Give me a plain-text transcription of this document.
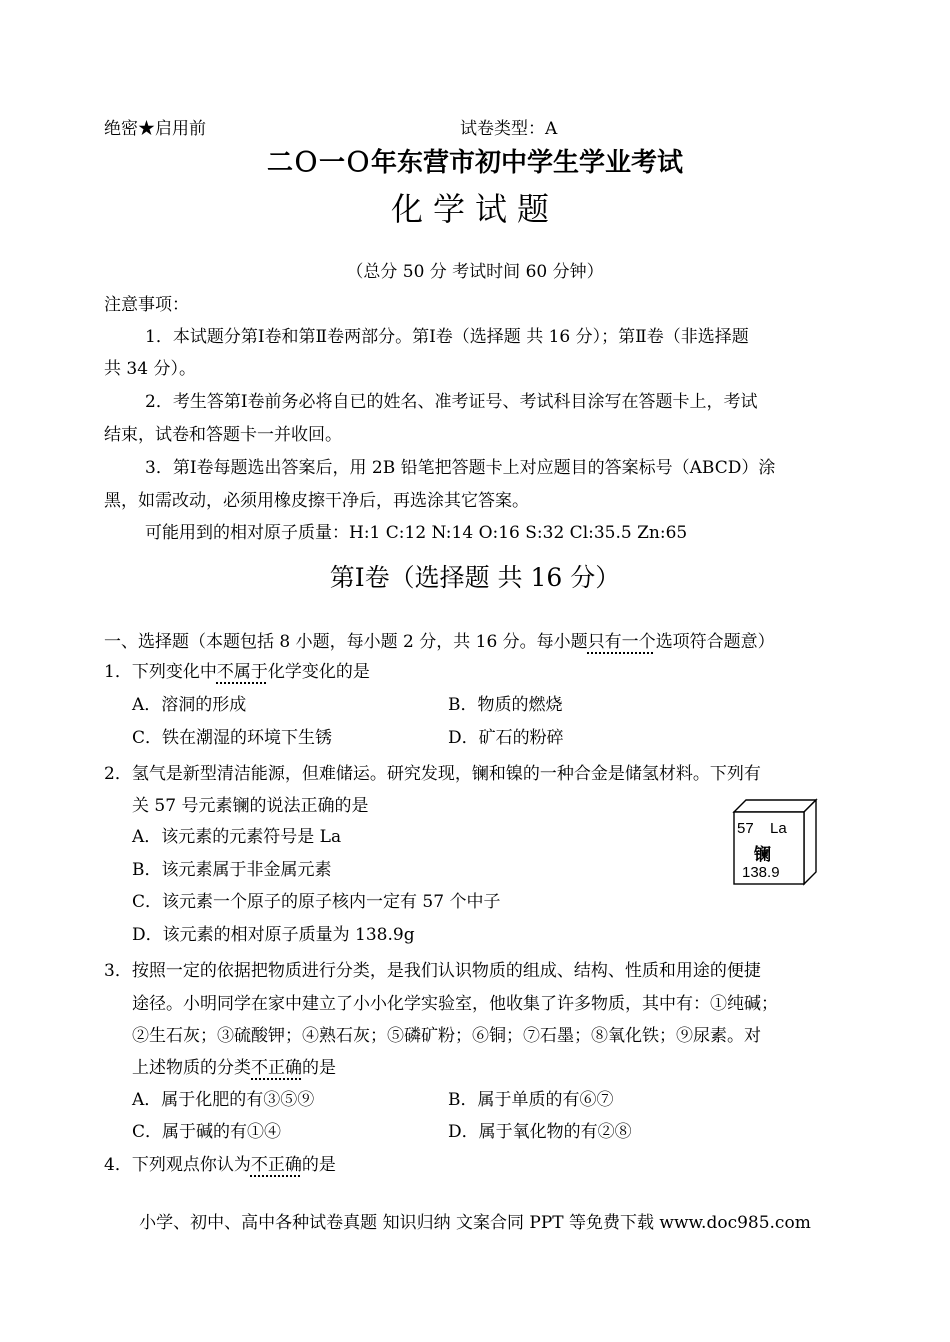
绝密★启用前	试卷类型：A
二Ｏ一Ｏ年东营市初中学生学业考试
化学试题
（总分 50 分 考试时间 60 分钟）
注意事项：
1．本试题分第Ⅰ卷和第Ⅱ卷两部分。第Ⅰ卷（选择题 共 16 分）；第Ⅱ卷（非选择题
共 34 分）。
2．考生答第Ⅰ卷前务必将自已的姓名、准考证号、考试科目涂写在答题卡上，考试
结束，试卷和答题卡一并收回。
3．第Ⅰ卷每题选出答案后，用 2B 铅笔把答题卡上对应题目的答案标号（ABCD）涂
黑，如需改动，必须用橡皮擦干净后，再选涂其它答案。
可能用到的相对原子质量：H:1 C:12 N:14 O:16 S:32 Cl:35.5 Zn:65
第Ⅰ卷（选择题 共 16 分）
一、选择题（本题包括 8 小题，每小题 2 分，共 16 分。每小题只有一个选项符合题意）
1．下列变化中不属于化学变化的是
A．溶洞的形成	B．物质的燃烧
C．铁在潮湿的环境下生锈	D．矿石的粉碎
2．氢气是新型清洁能源，但难储运。研究发现，镧和镍的一种合金是储氢材料。下列有
关 57 号元素镧的说法正确的是
A．该元素的元素符号是 La
B．该元素属于非金属元素
C．该元素一个原子的原子核内一定有 57 个中子
D．该元素的相对原子质量为 138.9g
57 La
镧
138.9
3．按照一定的依据把物质进行分类，是我们认识物质的组成、结构、性质和用途的便捷
途径。小明同学在家中建立了小小化学实验室，他收集了许多物质，其中有：①纯碱；
②生石灰；③硫酸钾；④熟石灰；⑤磷矿粉；⑥铜；⑦石墨；⑧氧化铁；⑨尿素。对
上述物质的分类不正确的是
A．属于化肥的有③⑤⑨	B．属于单质的有⑥⑦
C．属于碱的有①④	D．属于氧化物的有②⑧
4．下列观点你认为不正确的是
小学、初中、高中各种试卷真题 知识归纳 文案合同 PPT 等免费下载 www.doc985.com
